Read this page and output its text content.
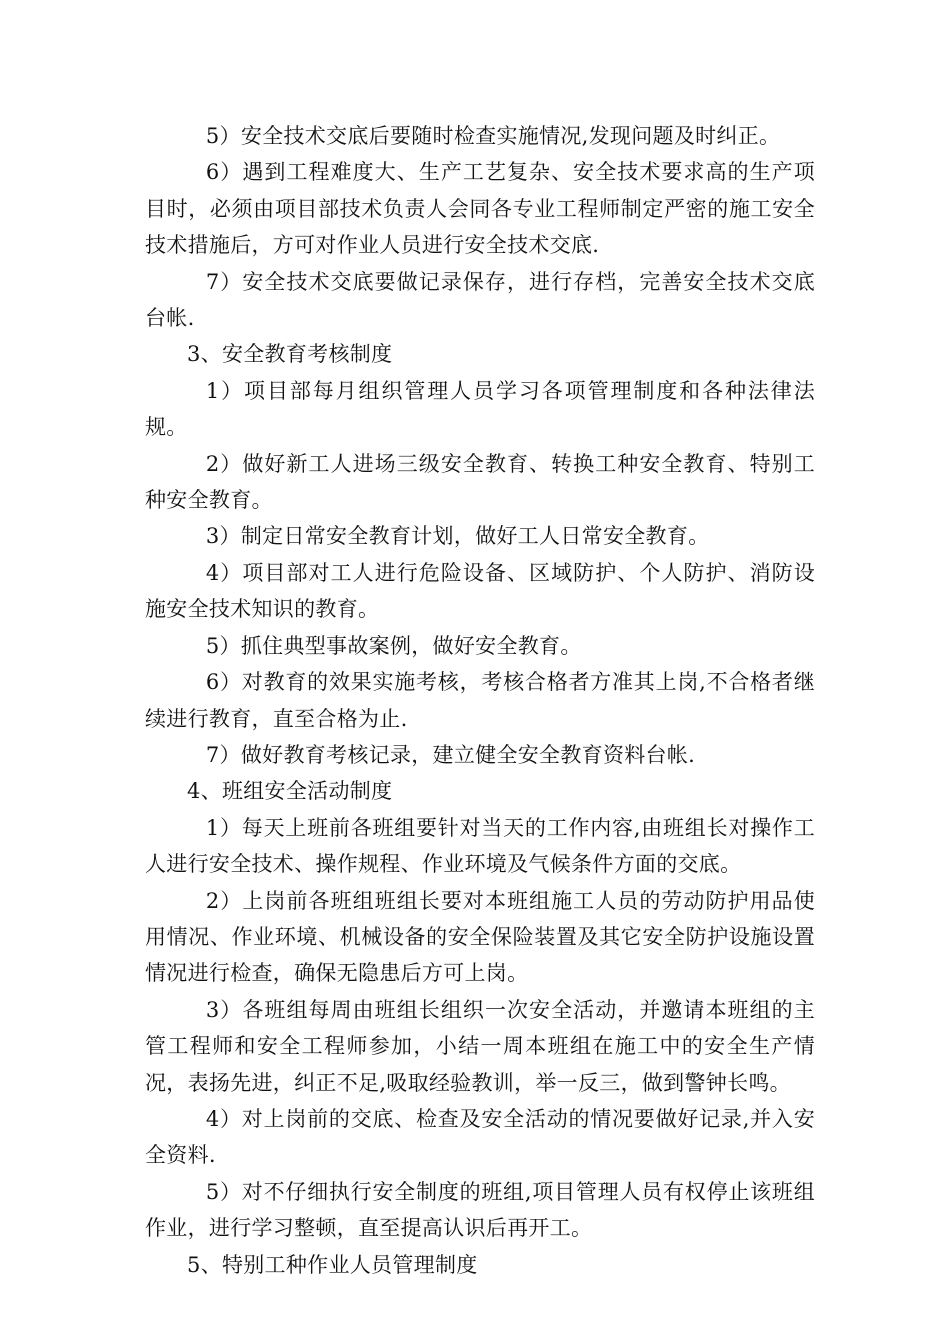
5）安全技术交底后要随时检查实施情况,发现问题及时纠正。

6）遇到工程难度大、生产工艺复杂、安全技术要求高的生产项目时，必须由项目部技术负责人会同各专业工程师制定严密的施工安全技术措施后，方可对作业人员进行安全技术交底.

7）安全技术交底要做记录保存，进行存档，完善安全技术交底台帐.

3、安全教育考核制度

1）项目部每月组织管理人员学习各项管理制度和各种法律法规。

2）做好新工人进场三级安全教育、转换工种安全教育、特别工种安全教育。

3）制定日常安全教育计划，做好工人日常安全教育。

4）项目部对工人进行危险设备、区域防护、个人防护、消防设施安全技术知识的教育。

5）抓住典型事故案例，做好安全教育。

6）对教育的效果实施考核，考核合格者方准其上岗,不合格者继续进行教育，直至合格为止.

7）做好教育考核记录，建立健全安全教育资料台帐.

4、班组安全活动制度

1）每天上班前各班组要针对当天的工作内容,由班组长对操作工人进行安全技术、操作规程、作业环境及气候条件方面的交底。

2）上岗前各班组班组长要对本班组施工人员的劳动防护用品使用情况、作业环境、机械设备的安全保险装置及其它安全防护设施设置情况进行检查，确保无隐患后方可上岗。

3）各班组每周由班组长组织一次安全活动，并邀请本班组的主管工程师和安全工程师参加，小结一周本班组在施工中的安全生产情况，表扬先进，纠正不足,吸取经验教训，举一反三，做到警钟长鸣。

4）对上岗前的交底、检查及安全活动的情况要做好记录,并入安全资料.

5）对不仔细执行安全制度的班组,项目管理人员有权停止该班组作业，进行学习整顿，直至提高认识后再开工。

5、特别工种作业人员管理制度
